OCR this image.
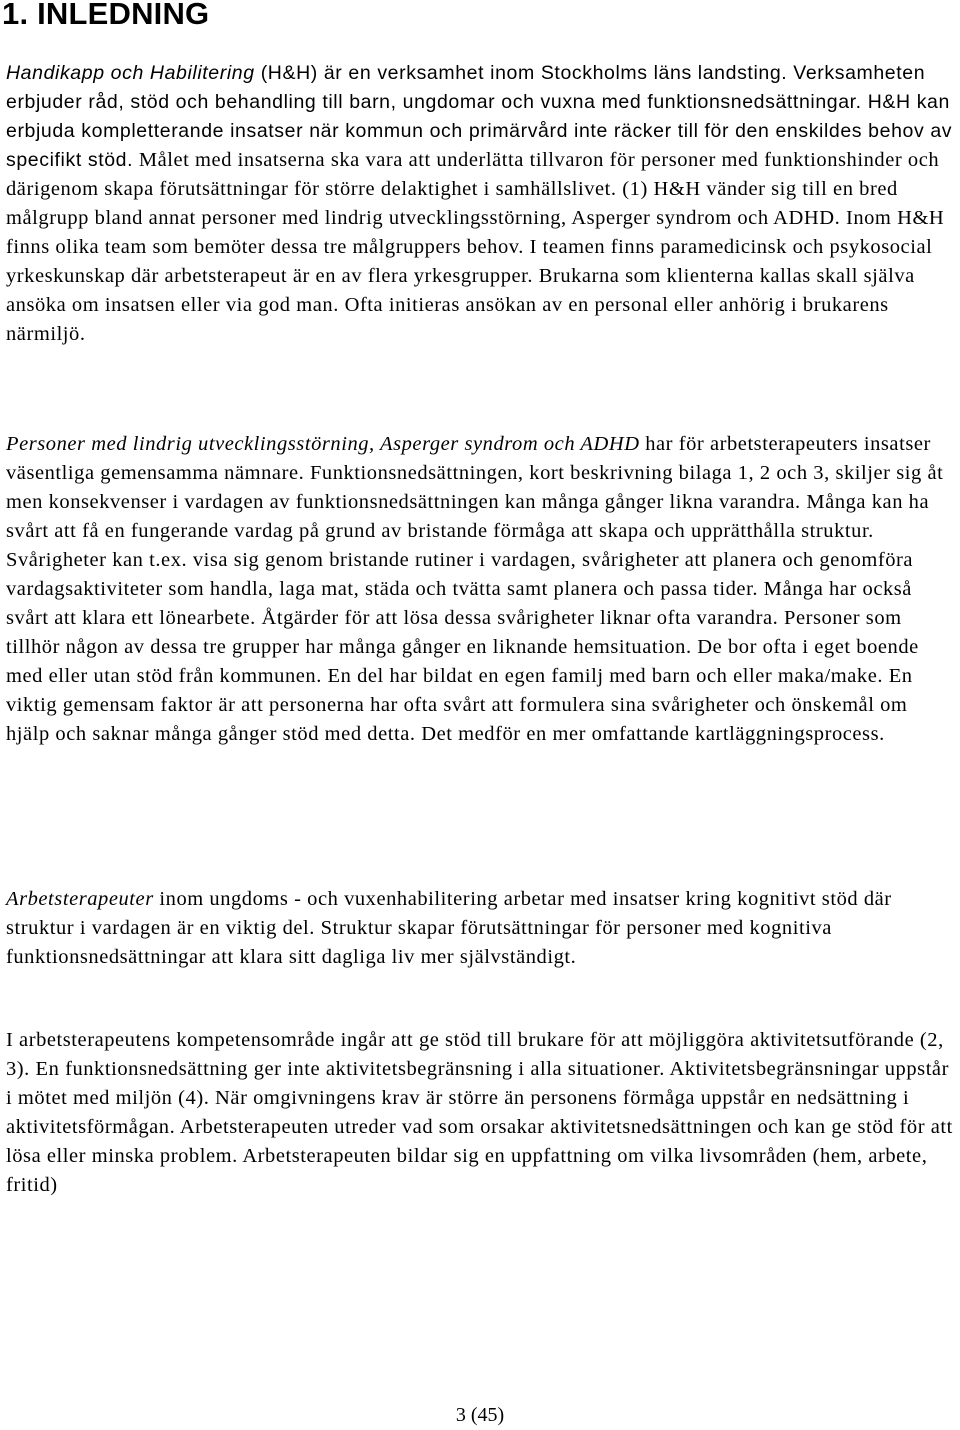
1. INLEDNING

Handikapp och Habilitering (H&H) är en verksamhet inom Stockholms läns landsting. Verksamheten erbjuder råd, stöd och behandling till barn, ungdomar och vuxna med funktionsnedsättningar. H&H kan erbjuda kompletterande insatser när kommun och primärvård inte räcker till för den enskildes behov av specifikt stöd. Målet med insatserna ska vara att underlätta tillvaron för personer med funktionshinder och därigenom skapa förutsättningar för större delaktighet i samhällslivet. (1) H&H vänder sig till en bred målgrupp bland annat personer med lindrig utvecklingsstörning, Asperger syndrom och ADHD. Inom H&H finns olika team som bemöter dessa tre målgruppers behov. I teamen finns paramedicinsk och psykosocial yrkeskunskap där arbetsterapeut är en av flera yrkesgrupper. Brukarna som klienterna kallas skall själva ansöka om insatsen eller via god man. Ofta initieras ansökan av en personal eller anhörig i brukarens närmiljö.

Personer med lindrig utvecklingsstörning, Asperger syndrom och ADHD har för arbetsterapeuters insatser väsentliga gemensamma nämnare. Funktionsnedsättningen, kort beskrivning bilaga 1, 2 och 3, skiljer sig åt men konsekvenser i vardagen av funktionsnedsättningen kan många gånger likna varandra. Många kan ha svårt att få en fungerande vardag på grund av bristande förmåga att skapa och upprätthålla struktur. Svårigheter kan t.ex. visa sig genom bristande rutiner i vardagen, svårigheter att planera och genomföra vardagsaktiviteter som handla, laga mat, städa och tvätta samt planera och passa tider. Många har också svårt att klara ett lönearbete. Åtgärder för att lösa dessa svårigheter liknar ofta varandra. Personer som tillhör någon av dessa tre grupper har många gånger en liknande hemsituation. De bor ofta i eget boende med eller utan stöd från kommunen. En del har bildat en egen familj med barn och eller maka/make. En viktig gemensam faktor är att personerna har ofta svårt att formulera sina svårigheter och önskemål om hjälp och saknar många gånger stöd med detta. Det medför en mer omfattande kartläggningsprocess.

Arbetsterapeuter inom ungdoms - och vuxenhabilitering arbetar med insatser kring kognitivt stöd där struktur i vardagen är en viktig del. Struktur skapar förutsättningar för personer med kognitiva funktionsnedsättningar att klara sitt dagliga liv mer självständigt.

I arbetsterapeutens kompetensområde ingår att ge stöd till brukare för att möjliggöra aktivitetsutförande (2, 3). En funktionsnedsättning ger inte aktivitetsbegränsning i alla situationer. Aktivitetsbegränsningar uppstår i mötet med miljön (4). När omgivningens krav är större än personens förmåga uppstår en nedsättning i aktivitetsförmågan. Arbetsterapeuten utreder vad som orsakar aktivitetsnedsättningen och kan ge stöd för att lösa eller minska problem. Arbetsterapeuten bildar sig en uppfattning om vilka livsområden (hem, arbete, fritid)

3 (45)
